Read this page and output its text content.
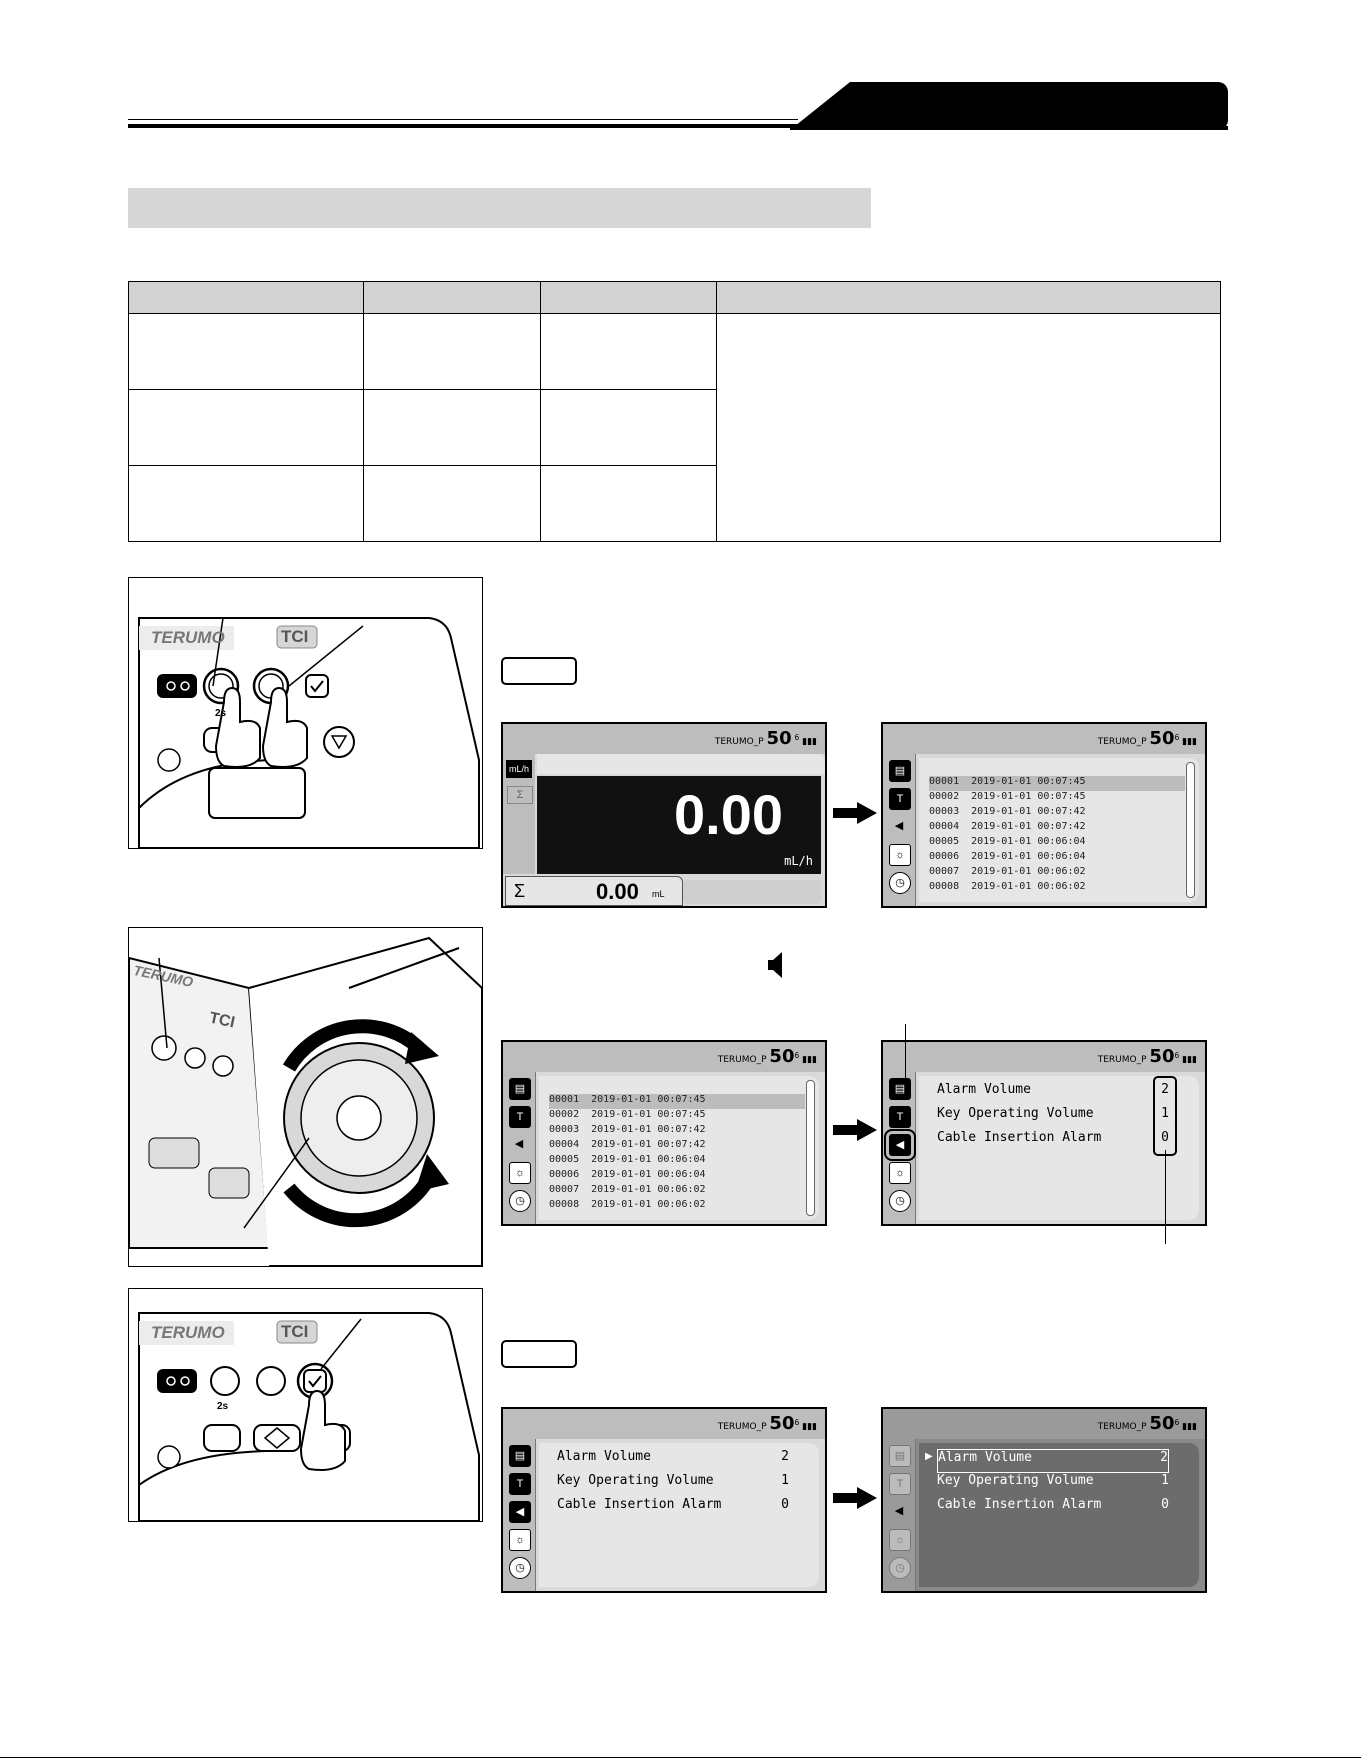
TERUMO	TCI
2s
TERUMO_P 50 $^6$ ▮▮▮
mL/h
Σ	0.00
mL/h
Σ	0.00 mL
TERUMO_P $50^6$ ▮▮▮
▤
T
◀
☼
◷
00001  2019-01-01 00:07:45
00002  2019-01-01 00:07:45
00003  2019-01-01 00:07:42
00004  2019-01-01 00:07:42
00005  2019-01-01 00:06:04
00006  2019-01-01 00:06:04
00007  2019-01-01 00:06:02
00008  2019-01-01 00:06:02
TERUMO
TCI
TERUMO_P $50^6$ ▮▮▮
▤
T
◀
☼
◷
00001  2019-01-01 00:07:45
00002  2019-01-01 00:07:45
00003  2019-01-01 00:07:42
00004  2019-01-01 00:07:42
00005  2019-01-01 00:06:04
00006  2019-01-01 00:06:04
00007  2019-01-01 00:06:02
00008  2019-01-01 00:06:02
TERUMO_P $50^6$ ▮▮▮
▤
T
◀
☼
◷
Alarm Volume	2
Key Operating Volume	1
Cable Insertion Alarm	0
TERUMO	TCI
2s
TERUMO_P $50^6$ ▮▮▮
▤
T
◀
☼
◷
Alarm Volume	2
Key Operating Volume	1
Cable Insertion Alarm	0
TERUMO_P $50^6$ ▮▮▮
▤
T
◀
☼
◷
▶ Alarm Volume	2
Key Operating Volume	1
Cable Insertion Alarm	0
